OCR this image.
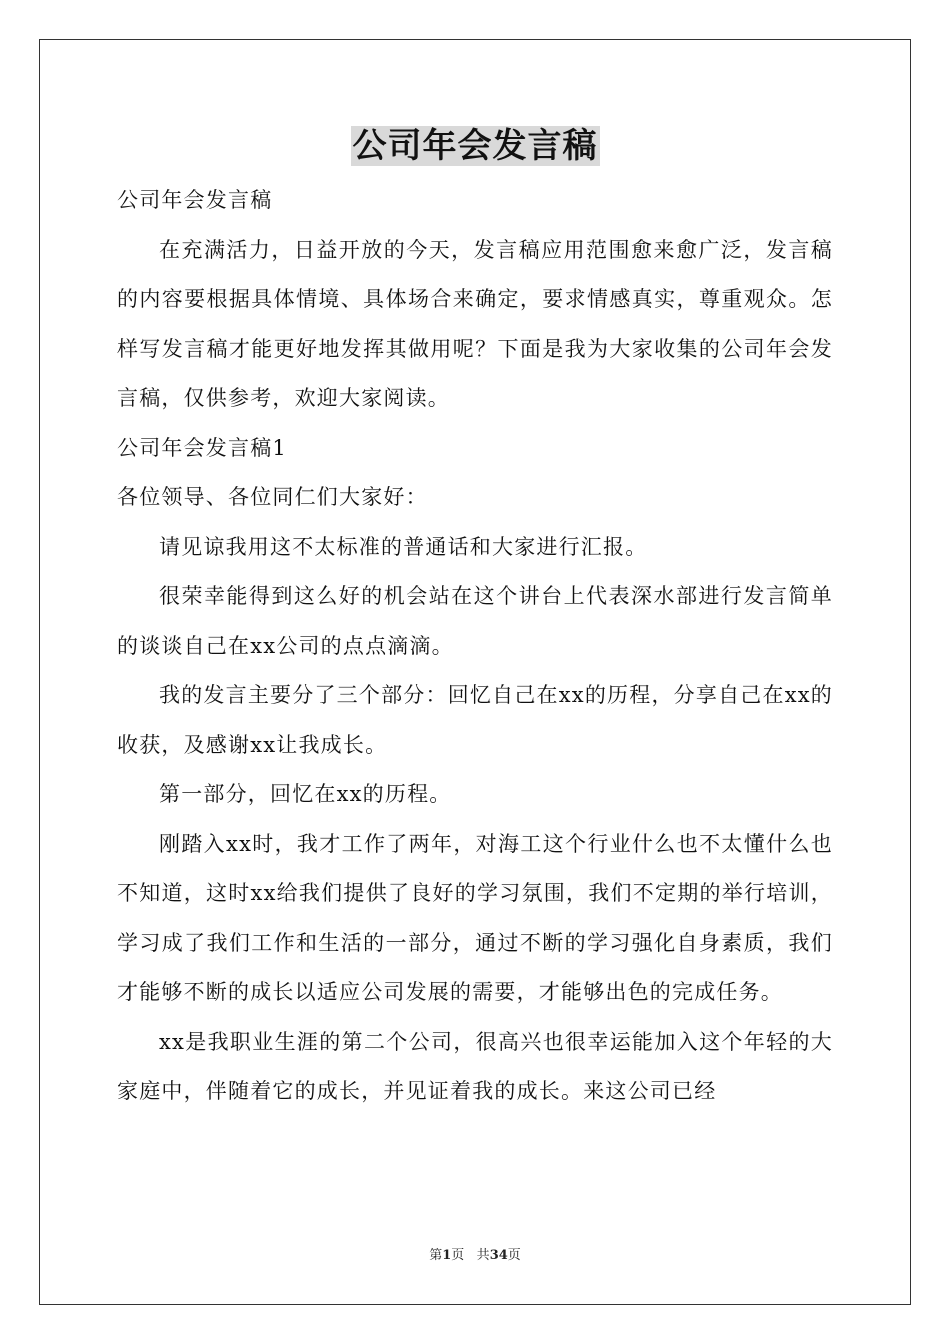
公司年会发言稿

公司年会发言稿

在充满活力，日益开放的今天，发言稿应用范围愈来愈广泛，发言稿的内容要根据具体情境、具体场合来确定，要求情感真实，尊重观众。怎样写发言稿才能更好地发挥其做用呢？下面是我为大家收集的公司年会发言稿，仅供参考，欢迎大家阅读。

公司年会发言稿1

各位领导、各位同仁们大家好：

请见谅我用这不太标准的普通话和大家进行汇报。

很荣幸能得到这么好的机会站在这个讲台上代表深水部进行发言简单的谈谈自己在xx公司的点点滴滴。

我的发言主要分了三个部分：回忆自己在xx的历程，分享自己在xx的收获，及感谢xx让我成长。

第一部分，回忆在xx的历程。

刚踏入xx时，我才工作了两年，对海工这个行业什么也不太懂什么也不知道，这时xx给我们提供了良好的学习氛围，我们不定期的举行培训，学习成了我们工作和生活的一部分，通过不断的学习强化自身素质，我们才能够不断的成长以适应公司发展的需要，才能够出色的完成任务。

xx是我职业生涯的第二个公司，很高兴也很幸运能加入这个年轻的大家庭中，伴随着它的成长，并见证着我的成长。来这公司已经

第1页 共34页
